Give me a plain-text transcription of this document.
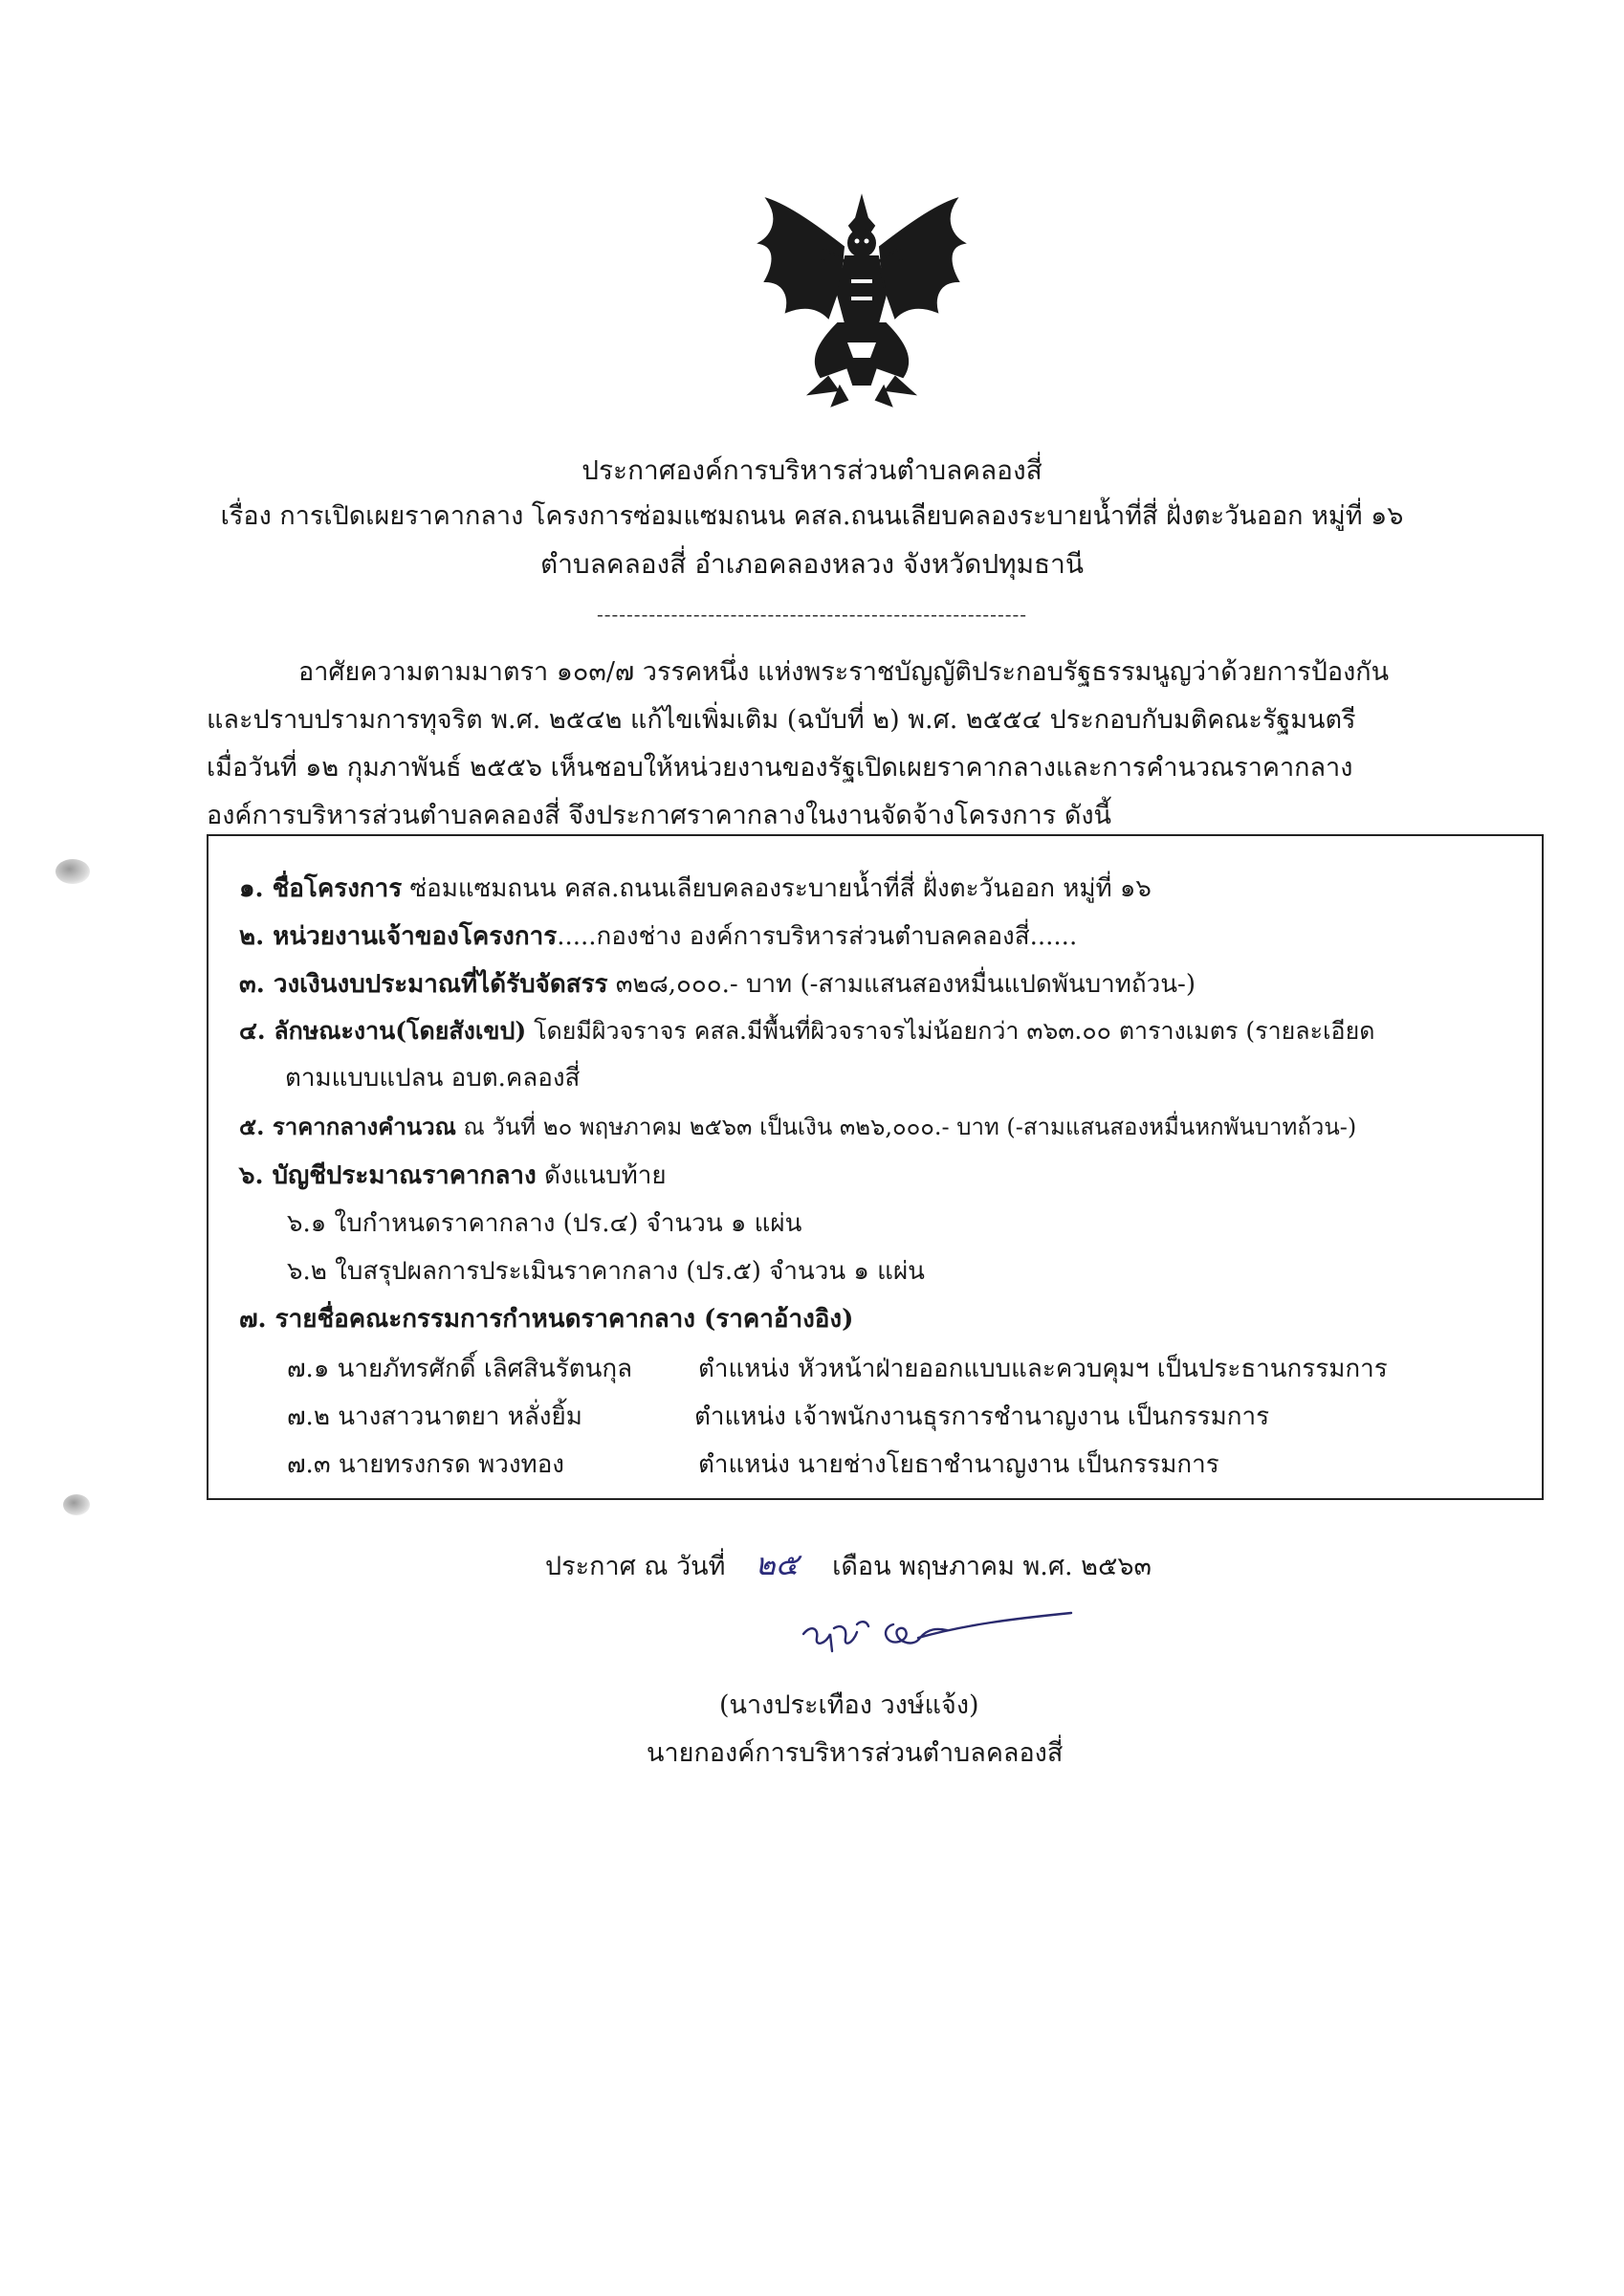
ประกาศองค์การบริหารส่วนตำบลคลองสี่
เรื่อง การเปิดเผยราคากลาง โครงการซ่อมแซมถนน คสล.ถนนเลียบคลองระบายน้ำที่สี่ ฝั่งตะวันออก หมู่ที่ ๑๖
ตำบลคลองสี่ อำเภอคลองหลวง จังหวัดปทุมธานี
----------------------------------------------------------
อาศัยความตามมาตรา ๑๐๓/๗ วรรคหนึ่ง แห่งพระราชบัญญัติประกอบรัฐธรรมนูญว่าด้วยการป้องกัน
และปราบปรามการทุจริต พ.ศ. ๒๕๔๒ แก้ไขเพิ่มเติม (ฉบับที่ ๒) พ.ศ. ๒๕๕๔ ประกอบกับมติคณะรัฐมนตรี
เมื่อวันที่ ๑๒ กุมภาพันธ์ ๒๕๕๖ เห็นชอบให้หน่วยงานของรัฐเปิดเผยราคากลางและการคำนวณราคากลาง
องค์การบริหารส่วนตำบลคลองสี่ จึงประกาศราคากลางในงานจัดจ้างโครงการ ดังนี้
๑. ชื่อโครงการ ซ่อมแซมถนน คสล.ถนนเลียบคลองระบายน้ำที่สี่ ฝั่งตะวันออก หมู่ที่ ๑๖
๒. หน่วยงานเจ้าของโครงการ.....กองช่าง องค์การบริหารส่วนตำบลคลองสี่......
๓. วงเงินงบประมาณที่ได้รับจัดสรร ๓๒๘,๐๐๐.- บาท (-สามแสนสองหมื่นแปดพันบาทถ้วน-)
๔. ลักษณะงาน(โดยสังเขป) โดยมีผิวจราจร คสล.มีพื้นที่ผิวจราจรไม่น้อยกว่า ๓๖๓.๐๐ ตารางเมตร (รายละเอียด
ตามแบบแปลน อบต.คลองสี่
๕. ราคากลางคำนวณ ณ วันที่ ๒๐ พฤษภาคม ๒๕๖๓ เป็นเงิน ๓๒๖,๐๐๐.- บาท (-สามแสนสองหมื่นหกพันบาทถ้วน-)
๖. บัญชีประมาณราคากลาง ดังแนบท้าย
๖.๑ ใบกำหนดราคากลาง (ปร.๔) จำนวน ๑ แผ่น
๖.๒ ใบสรุปผลการประเมินราคากลาง (ปร.๕) จำนวน ๑ แผ่น
๗. รายชื่อคณะกรรมการกำหนดราคากลาง (ราคาอ้างอิง)
๗.๑ นายภัทรศักดิ์ เลิศสินรัตนกุล	ตำแหน่ง หัวหน้าฝ่ายออกแบบและควบคุมฯ เป็นประธานกรรมการ
๗.๒ นางสาวนาตยา หลั่งยิ้ม	ตำแหน่ง เจ้าพนักงานธุรการชำนาญงาน เป็นกรรมการ
๗.๓ นายทรงกรด พวงทอง	ตำแหน่ง นายช่างโยธาชำนาญงาน เป็นกรรมการ
ประกาศ ณ วันที่ ๒๕ เดือน พฤษภาคม พ.ศ. ๒๕๖๓
(นางประเทือง วงษ์แจ้ง)
นายกองค์การบริหารส่วนตำบลคลองสี่
